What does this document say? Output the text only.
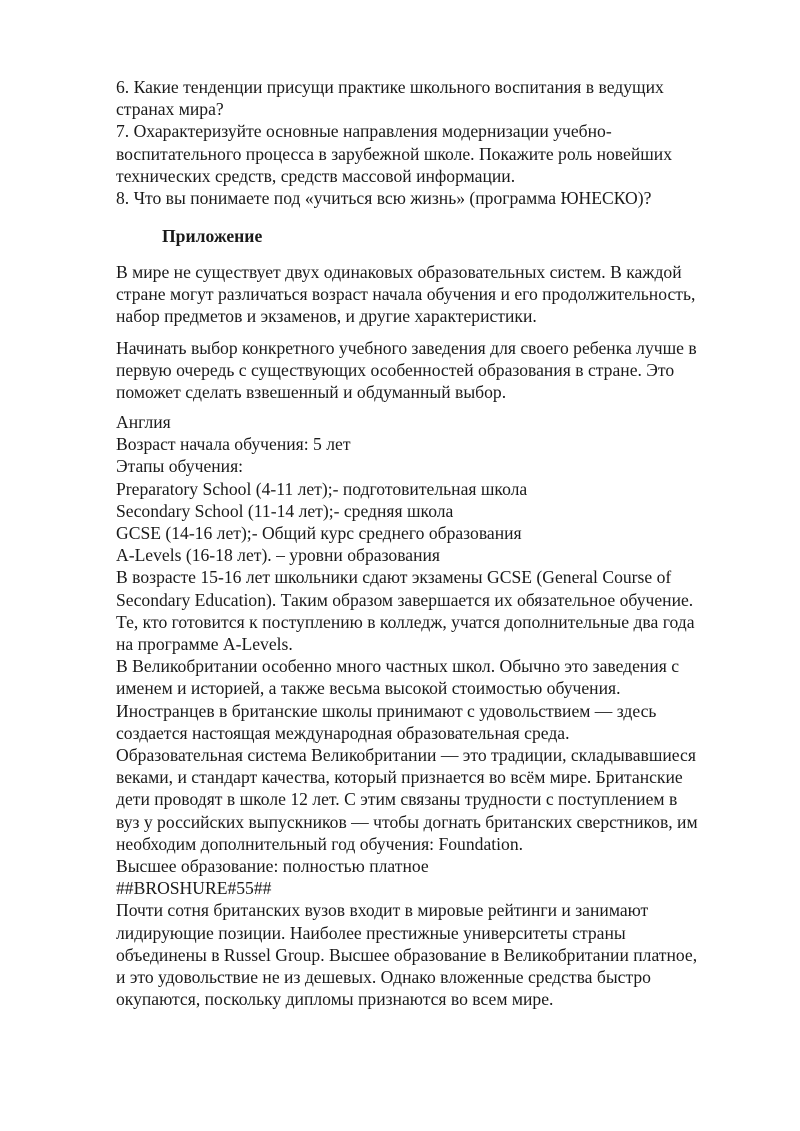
6. Какие тенденции присущи практике школьного воспитания в ведущих
странах мира?
7. Охарактеризуйте основные направления модернизации учебно-
воспитательного процесса в зарубежной школе. Покажите роль новейших
технических средств, средств массовой информации.
8. Что вы понимаете под «учиться всю жизнь» (программа ЮНЕСКО)?
Приложение
В мире не существует двух одинаковых образовательных систем. В каждой
стране могут различаться возраст начала обучения и его продолжительность,
набор предметов и экзаменов, и другие характеристики.
Начинать выбор конкретного учебного заведения для своего ребенка лучше в
первую очередь с существующих особенностей образования в стране. Это
поможет сделать взвешенный и обдуманный выбор.
Англия
Возраст начала обучения: 5 лет
Этапы обучения:
Preparatory School (4-11 лет);- подготовительная школа
Secondary School (11-14 лет);- средняя школа
GCSE (14-16 лет);- Общий курс среднего образования
A-Levels (16-18 лет). – уровни образования
В возрасте 15-16 лет школьники сдают экзамены GCSE (General Course of
Secondary Education). Таким образом завершается их обязательное обучение.
Те, кто готовится к поступлению в колледж, учатся дополнительные два года
на программе A-Levels.
В Великобритании особенно много частных школ. Обычно это заведения с
именем и историей, а также весьма высокой стоимостью обучения.
Иностранцев в британские школы принимают с удовольствием — здесь
создается настоящая международная образовательная среда.
Образовательная система Великобритании — это традиции, складывавшиеся
веками, и стандарт качества, который признается во всём мире. Британские
дети проводят в школе 12 лет. С этим связаны трудности с поступлением в
вуз у российских выпускников — чтобы догнать британских сверстников, им
необходим дополнительный год обучения: Foundation.
Высшее образование: полностью платное
##BROSHURE#55##
Почти сотня британских вузов входит в мировые рейтинги и занимают
лидирующие позиции. Наиболее престижные университеты страны
объединены в Russel Group. Высшее образование в Великобритании платное,
и это удовольствие не из дешевых. Однако вложенные средства быстро
окупаются, поскольку дипломы признаются во всем мире.
